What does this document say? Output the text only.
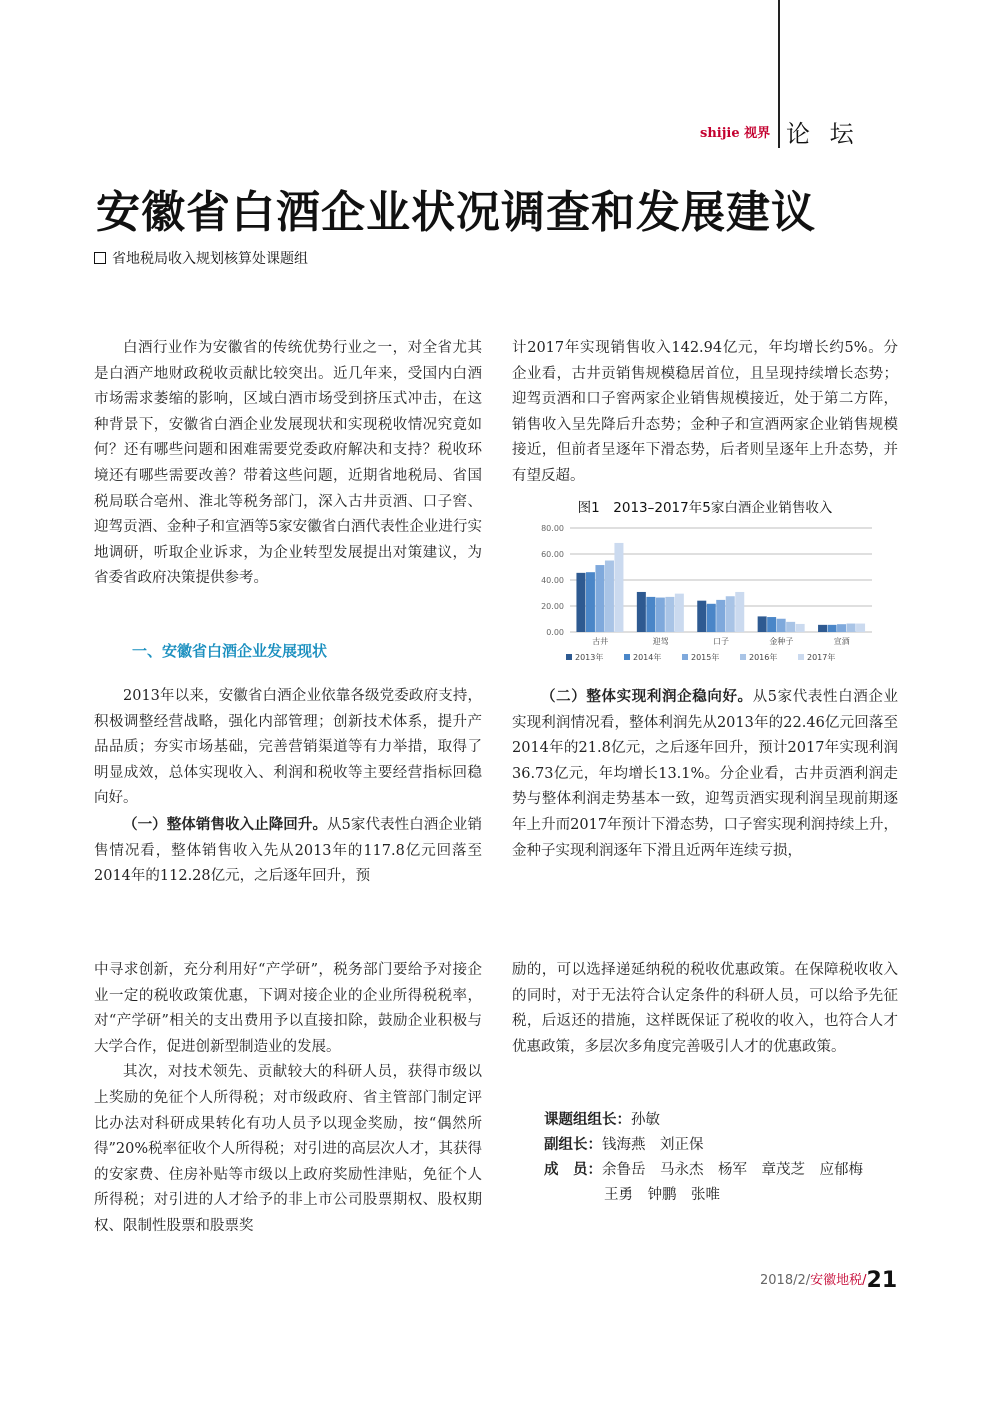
shijie 视界 论 坛
安徽省白酒企业状况调查和发展建议
省地税局收入规划核算处课题组

白酒行业作为安徽省的传统优势行业之一，对全省尤其是白酒产地财政税收贡献比较突出。近几年来，受国内白酒市场需求萎缩的影响，区域白酒市场受到挤压式冲击，在这种背景下，安徽省白酒企业发展现状和实现税收情况究竟如何？还有哪些问题和困难需要党委政府解决和支持？税收环境还有哪些需要改善？带着这些问题，近期省地税局、省国税局联合亳州、淮北等税务部门，深入古井贡酒、口子窖、迎驾贡酒、金种子和宣酒等5家安徽省白酒代表性企业进行实地调研，听取企业诉求，为企业转型发展提出对策建议，为省委省政府决策提供参考。

计2017年实现销售收入142.94亿元，年均增长约5%。分企业看，古井贡销售规模稳居首位，且呈现持续增长态势；迎驾贡酒和口子窖两家企业销售规模接近，处于第二方阵，销售收入呈先降后升态势；金种子和宣酒两家企业销售规模接近，但前者呈逐年下滑态势，后者则呈逐年上升态势，并有望反超。

图1　2013–2017年5家白酒企业销售收入
0.00
20.00
40.00
60.00
80.00
古井	迎驾	口子	金种子	宣酒
2013年	2014年	2015年	2016年	2017年
一、安徽省白酒企业发展现状

2013年以来，安徽省白酒企业依靠各级党委政府支持，积极调整经营战略，强化内部管理；创新技术体系，提升产品品质；夯实市场基础，完善营销渠道等有力举措，取得了明显成效，总体实现收入、利润和税收等主要经营指标回稳向好。

（一）整体销售收入止降回升。从5家代表性白酒企业销售情况看，整体销售收入先从2013年的117.8亿元回落至2014年的112.28亿元，之后逐年回升，预

（二）整体实现利润企稳向好。从5家代表性白酒企业实现利润情况看，整体利润先从2013年的22.46亿元回落至2014年的21.8亿元，之后逐年回升，预计2017年实现利润36.73亿元，年均增长13.1%。分企业看，古井贡酒利润走势与整体利润走势基本一致，迎驾贡酒实现利润呈现前期逐年上升而2017年预计下滑态势，口子窖实现利润持续上升，金种子实现利润逐年下滑且近两年连续亏损，

中寻求创新，充分利用好“产学研”，税务部门要给予对接企业一定的税收政策优惠，下调对接企业的企业所得税税率，对“产学研”相关的支出费用予以直接扣除，鼓励企业积极与大学合作，促进创新型制造业的发展。

其次，对技术领先、贡献较大的科研人员，获得市级以上奖励的免征个人所得税；对市级政府、省主管部门制定评比办法对科研成果转化有功人员予以现金奖励，按“偶然所得”20%税率征收个人所得税；对引进的高层次人才，其获得的安家费、住房补贴等市级以上政府奖励性津贴，免征个人所得税；对引进的人才给予的非上市公司股票期权、股权期权、限制性股票和股票奖

励的，可以选择递延纳税的税收优惠政策。在保障税收收入的同时，对于无法符合认定条件的科研人员，可以给予先征税，后返还的措施，这样既保证了税收的收入，也符合人才优惠政策，多层次多角度完善吸引人才的优惠政策。

课题组组长：孙敏
副组长：钱海燕　刘正保
成　员：余鲁岳　马永杰　杨军　章茂芝　应郁梅
王勇　钟鹏　张唯
2018/2/安徽地税/21
